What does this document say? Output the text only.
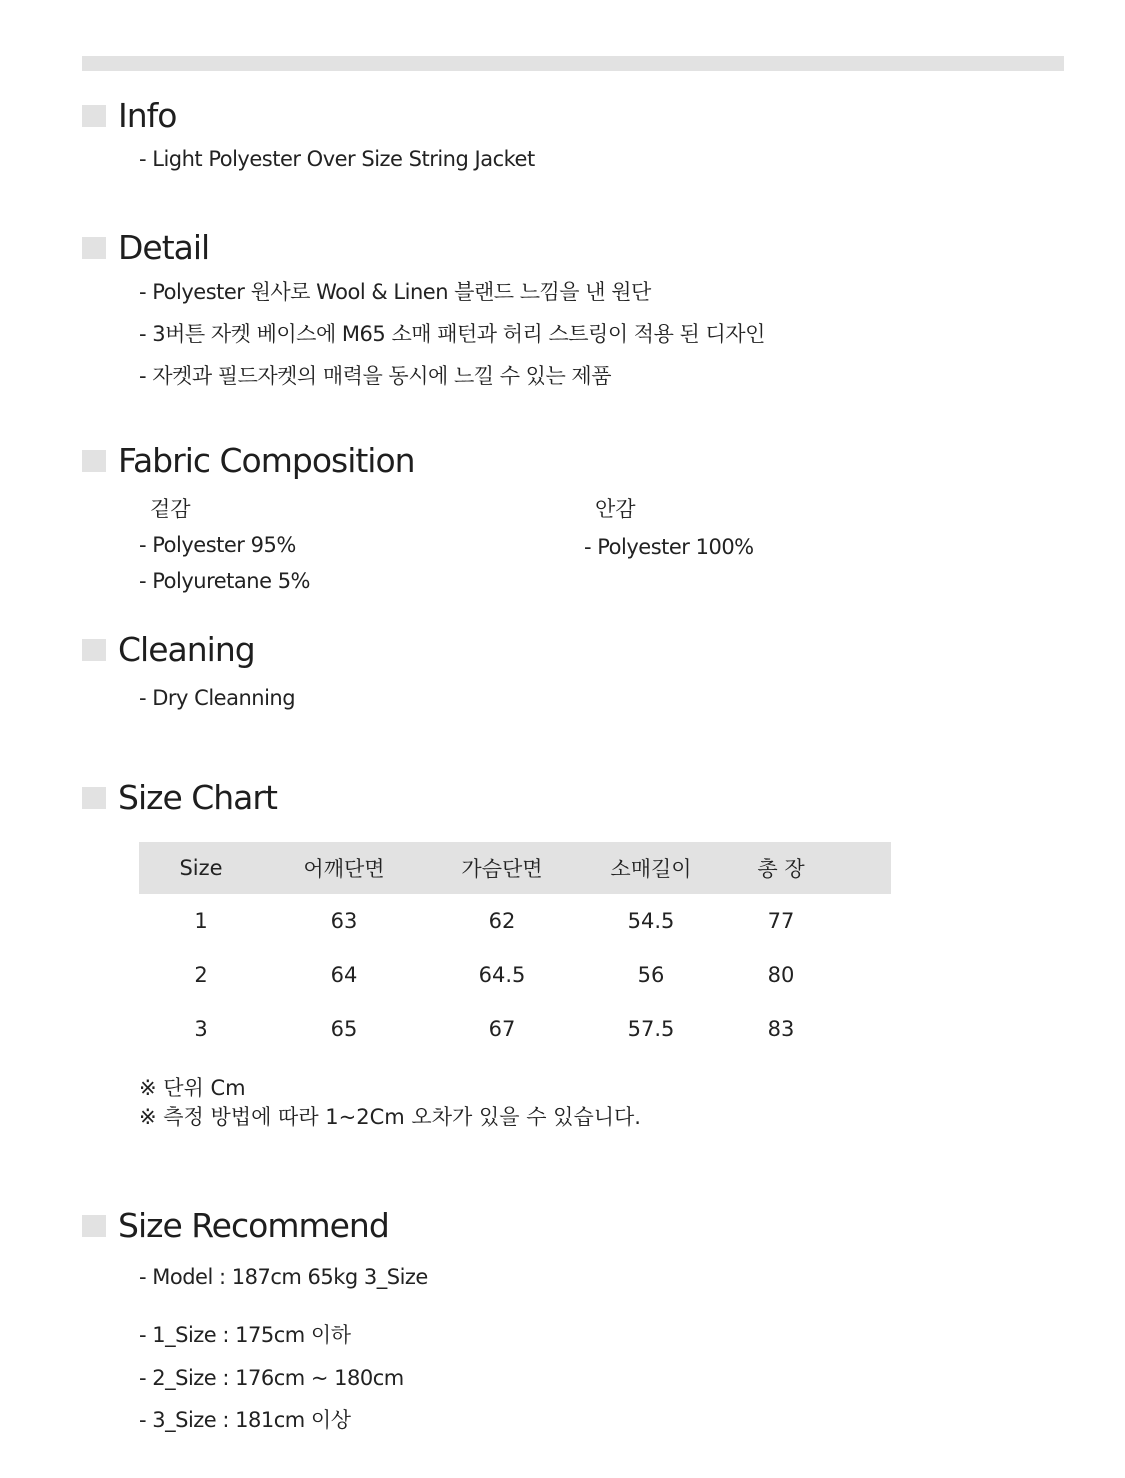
Info
- Light Polyester Over Size String Jacket
Detail
- Polyester 원사로 Wool & Linen 블랜드 느낌을 낸 원단
- 3버튼 자켓 베이스에 M65 소매 패턴과 허리 스트링이 적용 된 디자인
- 자켓과 필드자켓의 매력을 동시에 느낄 수 있는 제품
Fabric Composition
겉감
- Polyester 95%
- Polyuretane 5%
안감
- Polyester 100%
Cleaning
- Dry Cleanning
Size Chart
Size	어깨단면	가슴단면	소매길이	총 장
1	63	62	54.5	77
2	64	64.5	56	80
3	65	67	57.5	83
※ 단위 Cm
※ 측정 방법에 따라 1~2Cm 오차가 있을 수 있습니다.
Size Recommend
- Model : 187cm 65kg 3_Size
- 1_Size : 175cm 이하
- 2_Size : 176cm ~ 180cm
- 3_Size : 181cm 이상
